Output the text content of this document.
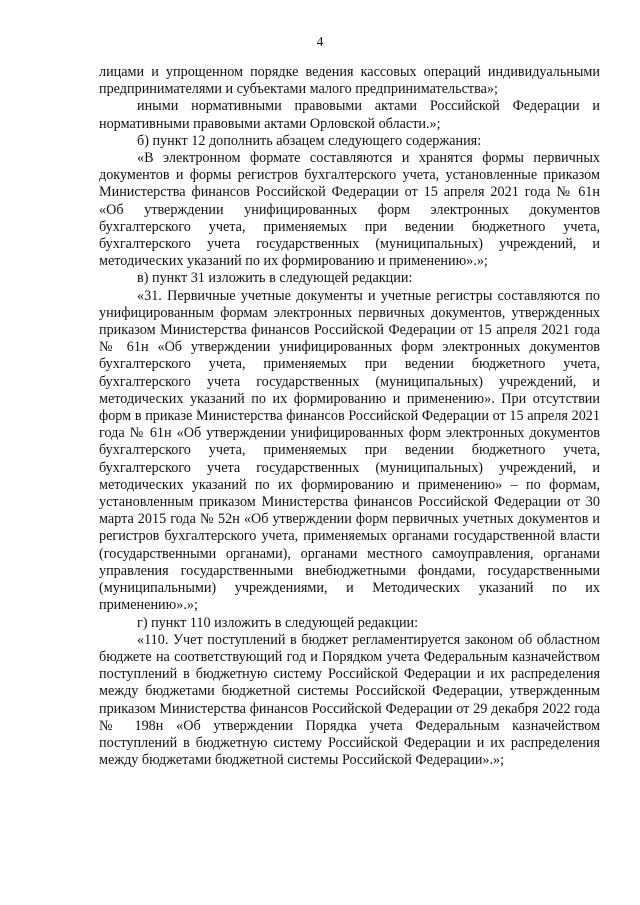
4

лицами и упрощенном порядке ведения кассовых операций индивидуальными предпринимателями и субъектами малого предпринимательства»;

иными нормативными правовыми актами Российской Федерации и нормативными правовыми актами Орловской области.»;

б) пункт 12 дополнить абзацем следующего содержания:

«В электронном формате составляются и хранятся формы первичных документов и формы регистров бухгалтерского учета, установленные приказом Министерства финансов Российской Федерации от 15 апреля 2021 года № 61н «Об утверждении унифицированных форм электронных документов бухгалтерского учета, применяемых при ведении бюджетного учета, бухгалтерского учета государственных (муниципальных) учреждений, и методических указаний по их формированию и применению».»;

в) пункт 31 изложить в следующей редакции:

«31. Первичные учетные документы и учетные регистры составляются по унифицированным формам электронных первичных документов, утвержденных приказом Министерства финансов Российской Федерации от 15 апреля 2021 года № 61н «Об утверждении унифицированных форм электронных документов бухгалтерского учета, применяемых при ведении бюджетного учета, бухгалтерского учета государственных (муниципальных) учреждений, и методических указаний по их формированию и применению». При отсутствии форм в приказе Министерства финансов Российской Федерации от 15 апреля 2021 года № 61н «Об утверждении унифицированных форм электронных документов бухгалтерского учета, применяемых при ведении бюджетного учета, бухгалтерского учета государственных (муниципальных) учреждений, и методических указаний по их формированию и применению» – по формам, установленным приказом Министерства финансов Российской Федерации от 30 марта 2015 года № 52н «Об утверждении форм первичных учетных документов и регистров бухгалтерского учета, применяемых органами государственной власти (государственными органами), органами местного самоуправления, органами управления государственными внебюджетными фондами, государственными (муниципальными) учреждениями, и Методических указаний по их применению».»;

г) пункт 110 изложить в следующей редакции:

«110. Учет поступлений в бюджет регламентируется законом об областном бюджете на соответствующий год и Порядком учета Федеральным казначейством поступлений в бюджетную систему Российской Федерации и их распределения между бюджетами бюджетной системы Российской Федерации, утвержденным приказом Министерства финансов Российской Федерации от 29 декабря 2022 года № 198н «Об утверждении Порядка учета Федеральным казначейством поступлений в бюджетную систему Российской Федерации и их распределения между бюджетами бюджетной системы Российской Федерации».»;
